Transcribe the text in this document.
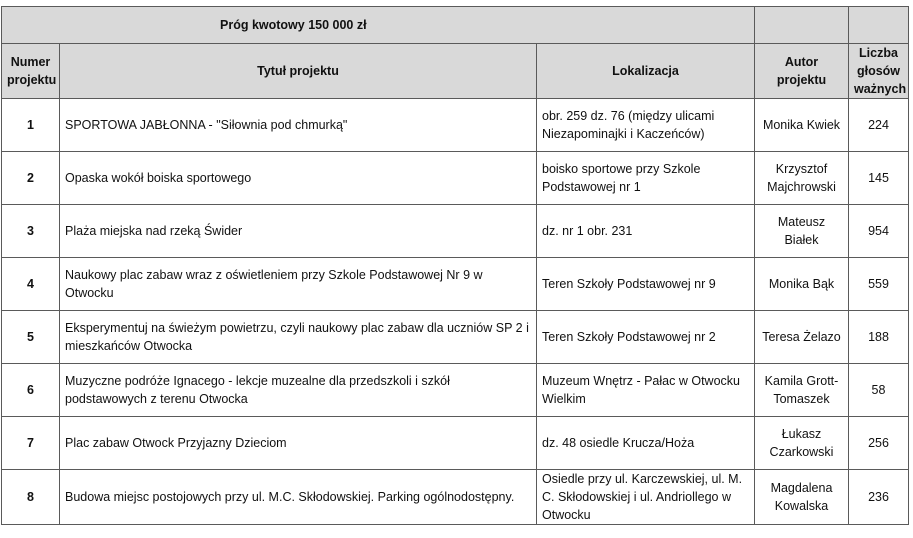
Próg kwotowy 150 000 zł				
Numer projektu	Tytuł projektu	Lokalizacja	Autor projektu	Liczba głosów ważnych
1	SPORTOWA JABŁONNA - "Siłownia pod chmurką"	obr. 259 dz. 76 (między ulicami Niezapominajki i Kaczeńców)	Monika Kwiek	224
2	Opaska wokół boiska sportowego	boisko sportowe przy Szkole Podstawowej nr 1	Krzysztof Majchrowski	145
3	Plaża miejska nad rzeką Świder	dz. nr 1 obr. 231	Mateusz Białek	954
4	Naukowy plac zabaw wraz z oświetleniem przy Szkole Podstawowej Nr 9 w Otwocku	Teren Szkoły Podstawowej nr 9	Monika Bąk	559
5	Eksperymentuj na świeżym powietrzu, czyli naukowy plac zabaw dla uczniów SP 2 i mieszkańców Otwocka	Teren Szkoły Podstawowej nr 2	Teresa Żelazo	188
6	Muzyczne podróże Ignacego - lekcje muzealne dla przedszkoli i szkół podstawowych z terenu Otwocka	Muzeum Wnętrz - Pałac w Otwocku Wielkim	Kamila Grott-Tomaszek	58
7	Plac zabaw Otwock Przyjazny Dzieciom	dz. 48 osiedle Krucza/Hoża	Łukasz Czarkowski	256
8	Budowa miejsc postojowych przy ul. M.C. Skłodowskiej. Parking ogólnodostępny.	Osiedle przy ul. Karczewskiej, ul. M. C. Skłodowskiej i ul. Andriollego w Otwocku	Magdalena Kowalska	236
